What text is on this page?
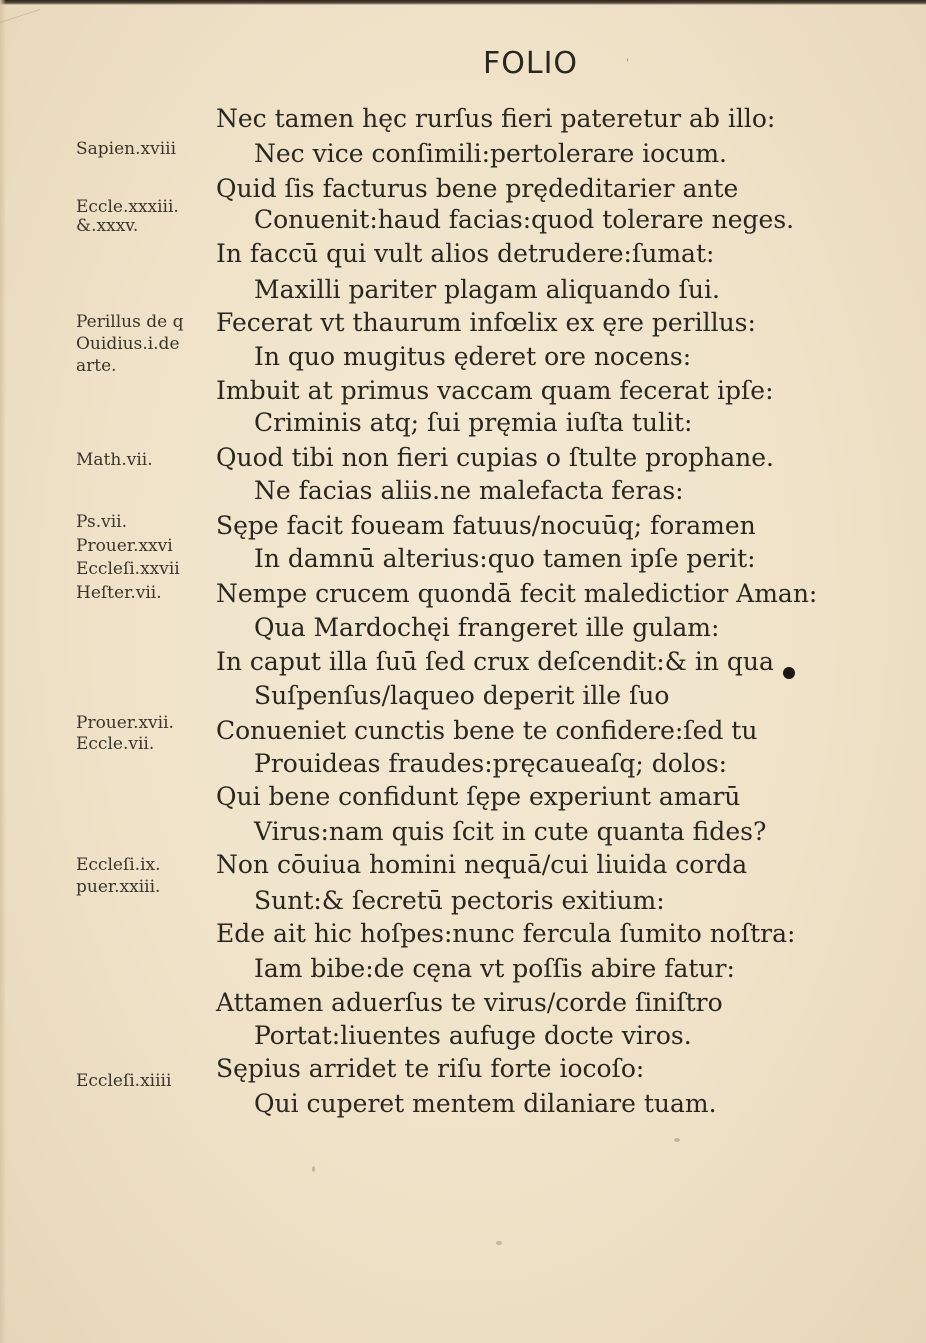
FOLIO	'
Nec tamen hęc rurſus fieri pateretur ab illo:
Nec vice conſimili:pertolerare iocum.
Quid ſis facturus bene prędeditarier ante
Conuenit:haud facias:quod tolerare neges.
In faccū qui vult alios detrudere:ſumat:
Maxilli pariter plagam aliquando ſui.
Fecerat vt thaurum infœlix ex ęre perillus:
In quo mugitus ęderet ore nocens:
Imbuit at primus vaccam quam fecerat ipſe:
Criminis atq; ſui pręmia iuſta tulit:
Quod tibi non fieri cupias o ſtulte prophane.
Ne facias aliis.ne malefacta feras:
Sępe facit foueam fatuus/nocuūq; foramen
In damnū alterius:quo tamen ipſe perit:
Nempe crucem quondā fecit maledictior Aman:
Qua Mardochęi frangeret ille gulam:
In caput illa ſuū ſed crux deſcendit:& in qua
Suſpenſus/laqueo deperit ille ſuo
Conueniet cunctis bene te confidere:ſed tu
Prouideas fraudes:pręcaueaſq; dolos:
Qui bene confidunt ſępe experiunt amarū
Virus:nam quis ſcit in cute quanta fides?
Non cōuiua homini nequā/cui liuida corda
Sunt:& ſecretū pectoris exitium:
Ede ait hic hoſpes:nunc fercula ſumito noſtra:
Iam bibe:de cęna vt poſſis abire fatur:
Attamen aduerſus te virus/corde ſiniſtro
Portat:liuentes aufuge docte viros.
Sępius arridet te riſu forte iocoſo:
Qui cuperet mentem dilaniare tuam.
Sapien.xviii
Eccle.xxxiii.
&.xxxv.
Perillus de q
Ouidius.i.de
arte.
Math.vii.
Ps.vii.
Prouer.xxvi
Eccleſi.xxvii
Heſter.vii.
Prouer.xvii.
Eccle.vii.
Eccleſi.ix.
puer.xxiii.
Eccleſi.xiiii
